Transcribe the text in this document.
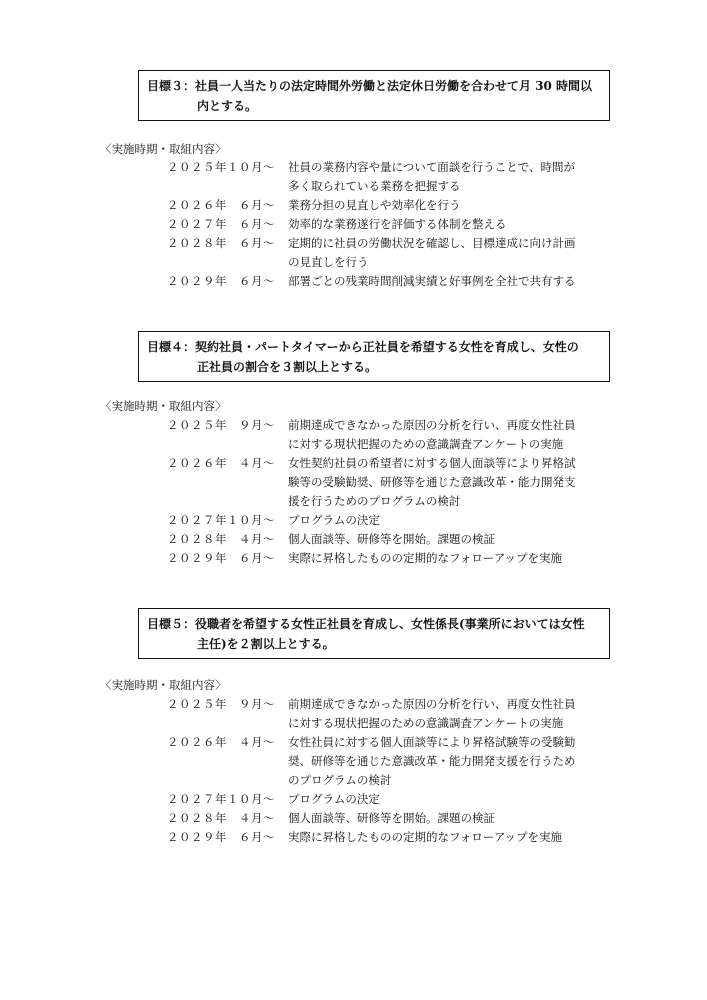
目標３：社員一人当たりの法定時間外労働と法定休日労働を合わせて月 30 時間以
内とする。
〈実施時期・取組内容〉
２０２５年１０月～	社員の業務内容や量について面談を行うことで、時間が
多く取られている業務を把握する
２０２６年　６月～	業務分担の見直しや効率化を行う
２０２７年　６月～	効率的な業務遂行を評価する体制を整える
２０２８年　６月～	定期的に社員の労働状況を確認し、目標達成に向け計画
の見直しを行う
２０２９年　６月～	部署ごとの残業時間削減実績と好事例を全社で共有する
目標４：契約社員・パートタイマーから正社員を希望する女性を育成し、女性の
正社員の割合を３割以上とする。
〈実施時期・取組内容〉
２０２５年　９月～	前期達成できなかった原因の分析を行い、再度女性社員
に対する現状把握のための意識調査アンケートの実施
２０２６年　４月～	女性契約社員の希望者に対する個人面談等により昇格試
験等の受験勧奨、研修等を通じた意識改革・能力開発支
援を行うためのプログラムの検討
２０２７年１０月～	プログラムの決定
２０２８年　４月～	個人面談等、研修等を開始。課題の検証
２０２９年　６月～	実際に昇格したものの定期的なフォローアップを実施
目標５：役職者を希望する女性正社員を育成し、女性係長(事業所においては女性
主任)を２割以上とする。
〈実施時期・取組内容〉
２０２５年　９月～	前期達成できなかった原因の分析を行い、再度女性社員
に対する現状把握のための意識調査アンケートの実施
２０２６年　４月～	女性社員に対する個人面談等により昇格試験等の受験勧
奨、研修等を通じた意識改革・能力開発支援を行うため
のプログラムの検討
２０２７年１０月～	プログラムの決定
２０２８年　４月～	個人面談等、研修等を開始。課題の検証
２０２９年　６月～	実際に昇格したものの定期的なフォローアップを実施
